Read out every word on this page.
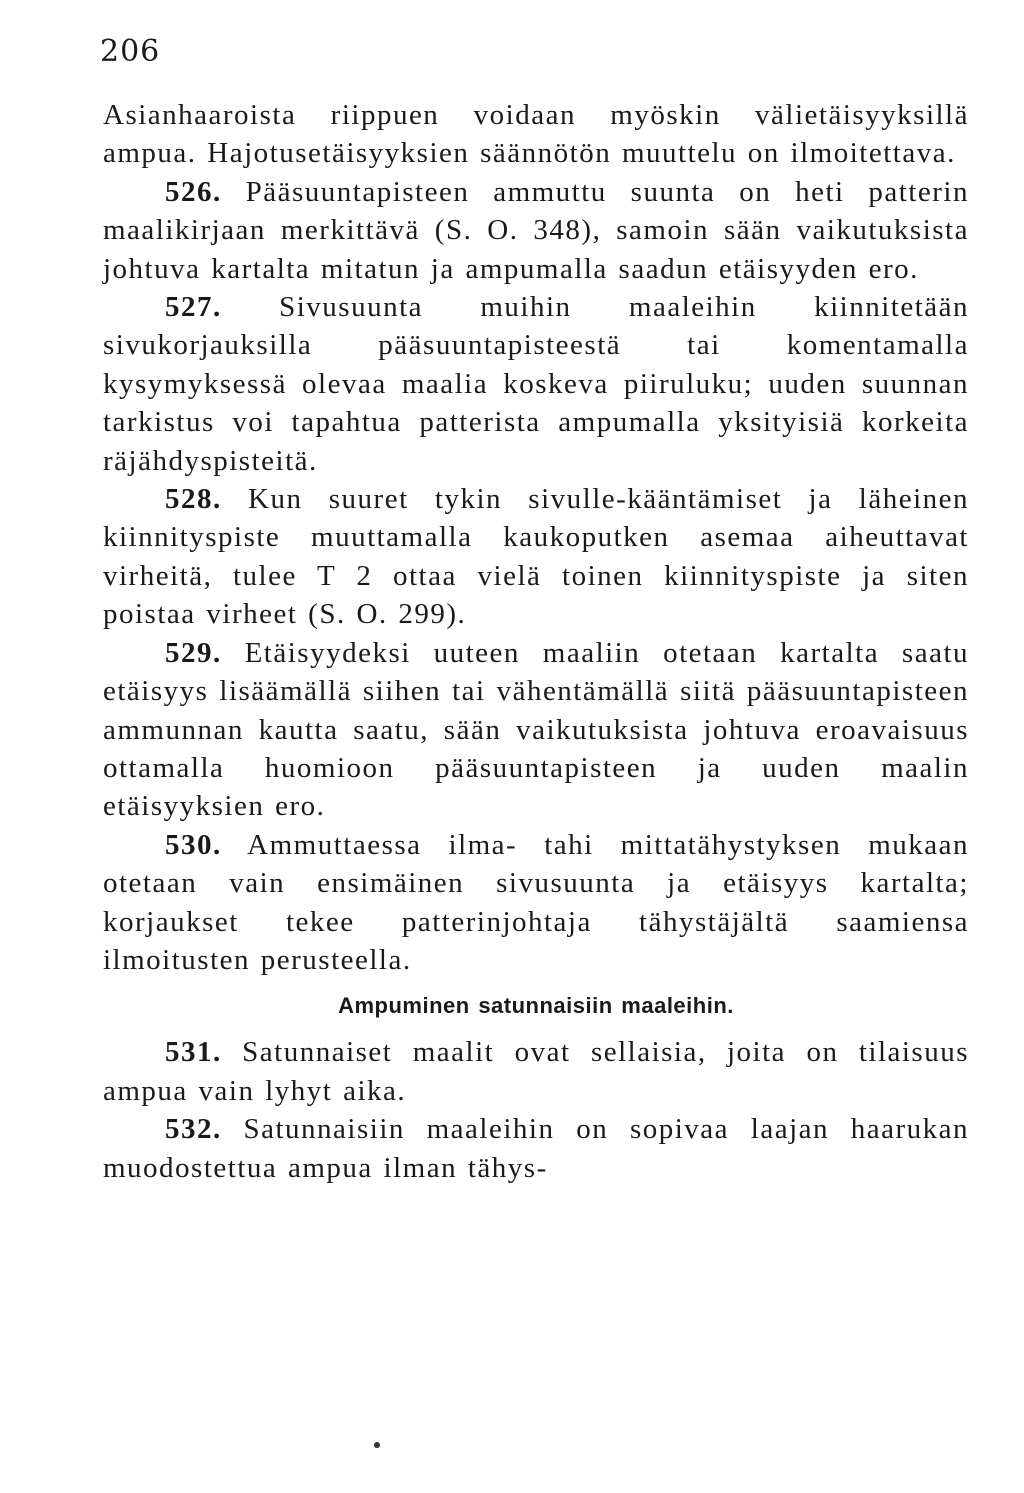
206

Asianhaaroista riippuen voidaan myöskin välietäisyyksillä ampua. Hajotusetäisyyksien säännötön muuttelu on ilmoitettava.

526. Pääsuuntapisteen ammuttu suunta on heti patterin maalikirjaan merkittävä (S. O. 348), samoin sään vaikutuksista johtuva kartalta mitatun ja ampumalla saadun etäisyyden ero.

527. Sivusuunta muihin maaleihin kiinnitetään sivukorjauksilla pääsuuntapisteestä tai komentamalla kysymyksessä olevaa maalia koskeva piiruluku; uuden suunnan tarkistus voi tapahtua patterista ampumalla yksityisiä korkeita räjähdyspisteitä.

528. Kun suuret tykin sivulle-kääntämiset ja läheinen kiinnityspiste muuttamalla kaukoputken asemaa aiheuttavat virheitä, tulee T 2 ottaa vielä toinen kiinnityspiste ja siten poistaa virheet (S. O. 299).

529. Etäisyydeksi uuteen maaliin otetaan kartalta saatu etäisyys lisäämällä siihen tai vähentämällä siitä pääsuuntapisteen ammunnan kautta saatu, sään vaikutuksista johtuva eroavaisuus ottamalla huomioon pääsuuntapisteen ja uuden maalin etäisyyksien ero.

530. Ammuttaessa ilma- tahi mittatähystyksen mukaan otetaan vain ensimäinen sivusuunta ja etäisyys kartalta; korjaukset tekee patterinjohtaja tähystäjältä saamiensa ilmoitusten perusteella.

Ampuminen satunnaisiin maaleihin.

531. Satunnaiset maalit ovat sellaisia, joita on tilaisuus ampua vain lyhyt aika.

532. Satunnaisiin maaleihin on sopivaa laajan haarukan muodostettua ampua ilman tähys-
